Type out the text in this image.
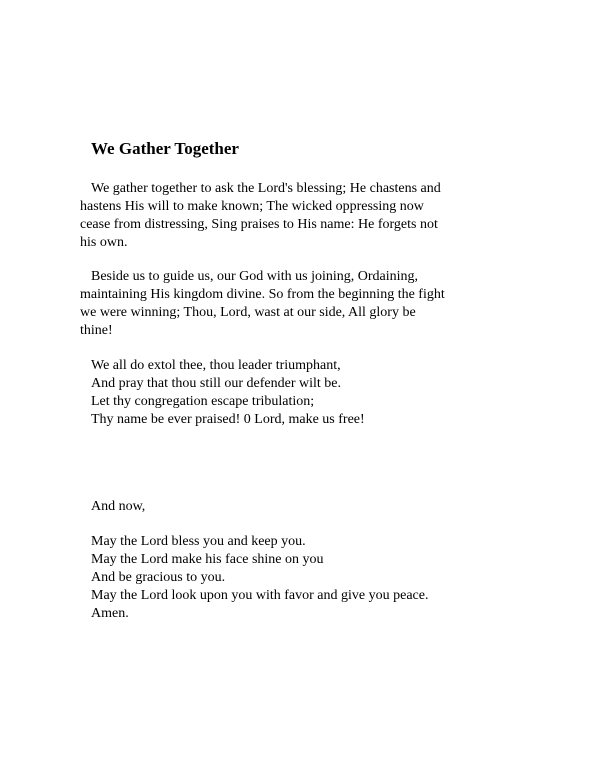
We Gather Together

We gather together to ask the Lord's blessing; He chastens and hastens His will to make known; The wicked oppressing now cease from distressing, Sing praises to His name: He forgets not his own.

Beside us to guide us, our God with us joining, Ordaining, maintaining His kingdom divine. So from the beginning the fight we were winning; Thou, Lord, wast at our side, All glory be thine!

We all do extol thee, thou leader triumphant,
And pray that thou still our defender wilt be.
Let thy congregation escape tribulation;
Thy name be ever praised! 0 Lord, make us free!
And now,
May the Lord bless you and keep you.
May the Lord make his face shine on you
And be gracious to you.
May the Lord look upon you with favor and give you peace.
Amen.
